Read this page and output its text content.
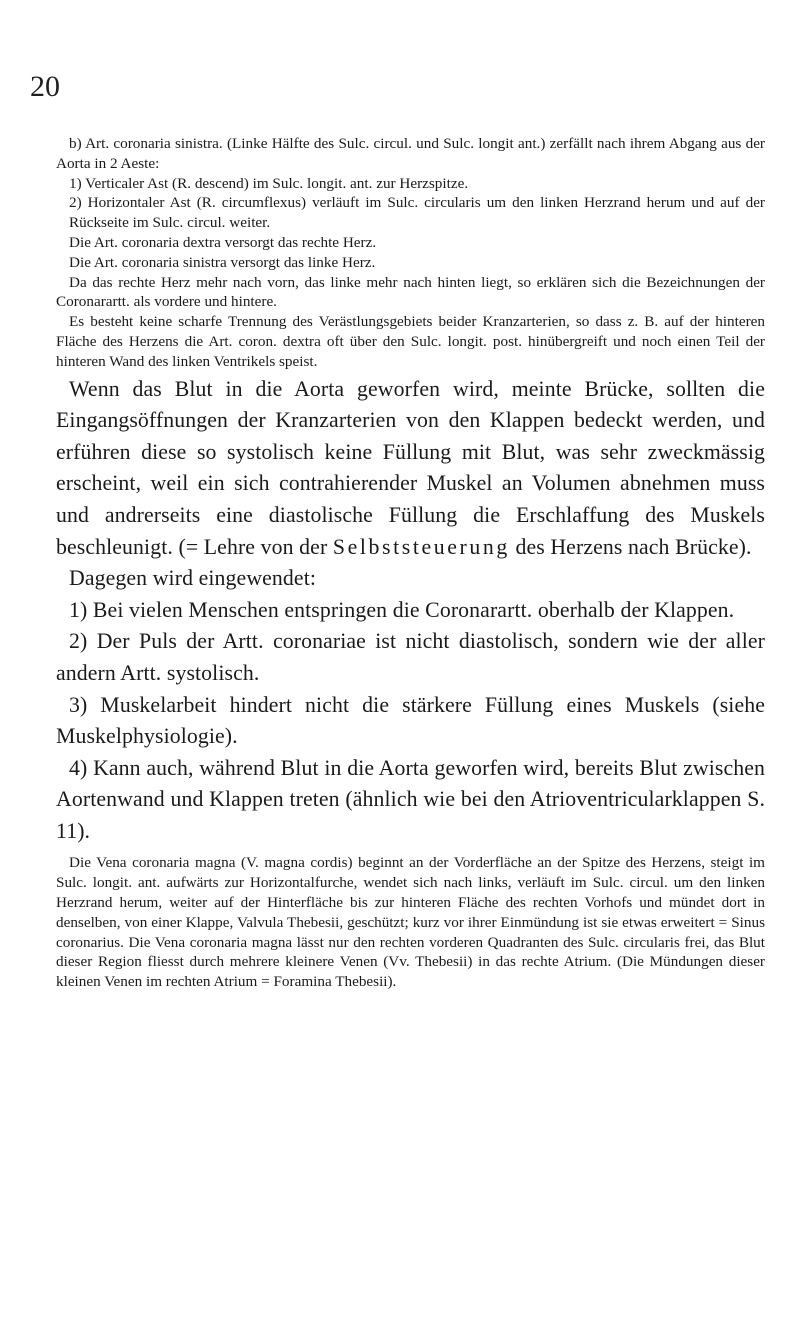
20

b) Art. coronaria sinistra. (Linke Hälfte des Sulc. circul. und Sulc. longit ant.) zerfällt nach ihrem Abgang aus der Aorta in 2 Aeste:

1) Verticaler Ast (R. descend) im Sulc. longit. ant. zur Herzspitze.

2) Horizontaler Ast (R. circumflexus) verläuft im Sulc. circularis um den linken Herzrand herum und auf der Rückseite im Sulc. circul. weiter.

Die Art. coronaria dextra versorgt das rechte Herz.

Die Art. coronaria sinistra versorgt das linke Herz.

Da das rechte Herz mehr nach vorn, das linke mehr nach hinten liegt, so erklären sich die Bezeichnungen der Coronarartt. als vordere und hintere.

Es besteht keine scharfe Trennung des Verästlungsgebiets beider Kranzarterien, so dass z. B. auf der hinteren Fläche des Herzens die Art. coron. dextra oft über den Sulc. longit. post. hinübergreift und noch einen Teil der hinteren Wand des linken Ventrikels speist.

Wenn das Blut in die Aorta geworfen wird, meinte Brücke, sollten die Eingangsöffnungen der Kranzarterien von den Klappen bedeckt werden, und erführen diese so systolisch keine Füllung mit Blut, was sehr zweckmässig erscheint, weil ein sich contrahierender Muskel an Volumen abnehmen muss und andrerseits eine diastolische Füllung die Erschlaffung des Muskels beschleunigt. (= Lehre von der Selbststeuerung des Herzens nach Brücke).

Dagegen wird eingewendet:

1) Bei vielen Menschen entspringen die Coronarartt. oberhalb der Klappen.

2) Der Puls der Artt. coronariae ist nicht diastolisch, sondern wie der aller andern Artt. systolisch.

3) Muskelarbeit hindert nicht die stärkere Füllung eines Muskels (siehe Muskelphysiologie).

4) Kann auch, während Blut in die Aorta geworfen wird, bereits Blut zwischen Aortenwand und Klappen treten (ähnlich wie bei den Atrioventricularklappen S. 11).

Die Vena coronaria magna (V. magna cordis) beginnt an der Vorderfläche an der Spitze des Herzens, steigt im Sulc. longit. ant. aufwärts zur Horizontalfurche, wendet sich nach links, verläuft im Sulc. circul. um den linken Herzrand herum, weiter auf der Hinterfläche bis zur hinteren Fläche des rechten Vorhofs und mündet dort in denselben, von einer Klappe, Valvula Thebesii, geschützt; kurz vor ihrer Einmündung ist sie etwas erweitert = Sinus coronarius. Die Vena coronaria magna lässt nur den rechten vorderen Quadranten des Sulc. circularis frei, das Blut dieser Region fliesst durch mehrere kleinere Venen (Vv. Thebesii) in das rechte Atrium. (Die Mündungen dieser kleinen Venen im rechten Atrium = Foramina Thebesii).
